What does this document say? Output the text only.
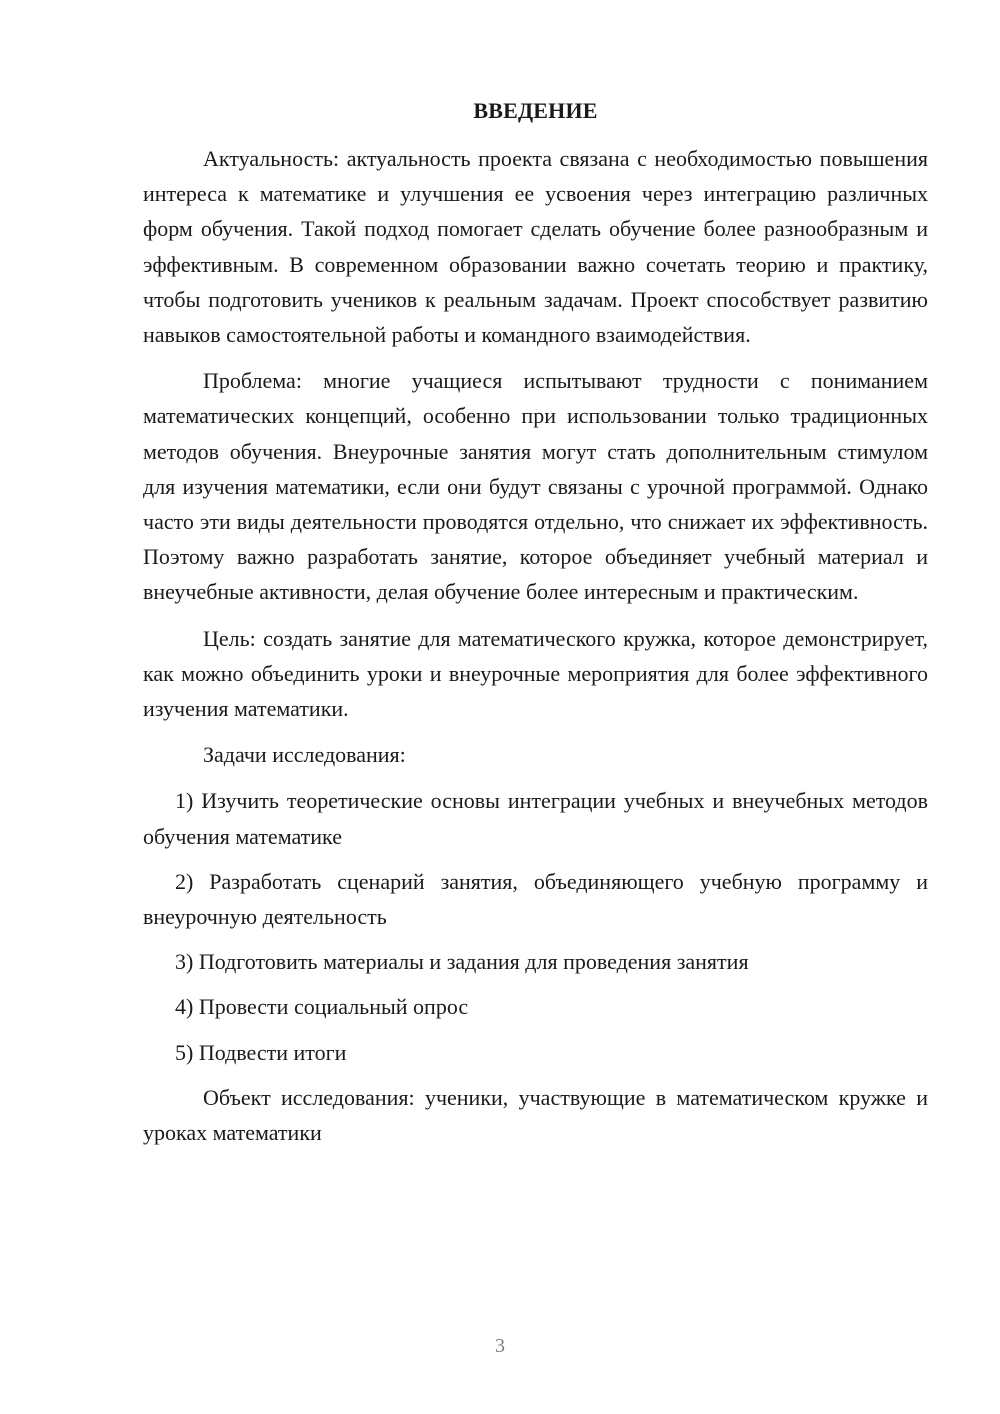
ВВЕДЕНИЕ

Актуальность: актуальность проекта связана с необходимостью повышения интереса к математике и улучшения ее усвоения через интеграцию различных форм обучения. Такой подход помогает сделать обучение более разнообразным и эффективным. В современном образовании важно сочетать теорию и практику, чтобы подготовить учеников к реальным задачам. Проект способствует развитию навыков самостоятельной работы и командного взаимодействия.

Проблема: многие учащиеся испытывают трудности с пониманием математических концепций, особенно при использовании только традиционных методов обучения. Внеурочные занятия могут стать дополнительным стимулом для изучения математики, если они будут связаны с урочной программой. Однако часто эти виды деятельности проводятся отдельно, что снижает их эффективность. Поэтому важно разработать занятие, которое объединяет учебный материал и внеучебные активности, делая обучение более интересным и практическим.

Цель: создать занятие для математического кружка, которое демонстрирует, как можно объединить уроки и внеурочные мероприятия для более эффективного изучения математики.

Задачи исследования:

1) Изучить теоретические основы интеграции учебных и внеучебных методов обучения математике

2) Разработать сценарий занятия, объединяющего учебную программу и внеурочную деятельность

3) Подготовить материалы и задания для проведения занятия

4) Провести социальный опрос

5) Подвести итоги

Объект исследования: ученики, участвующие в математическом кружке и уроках математики

3
